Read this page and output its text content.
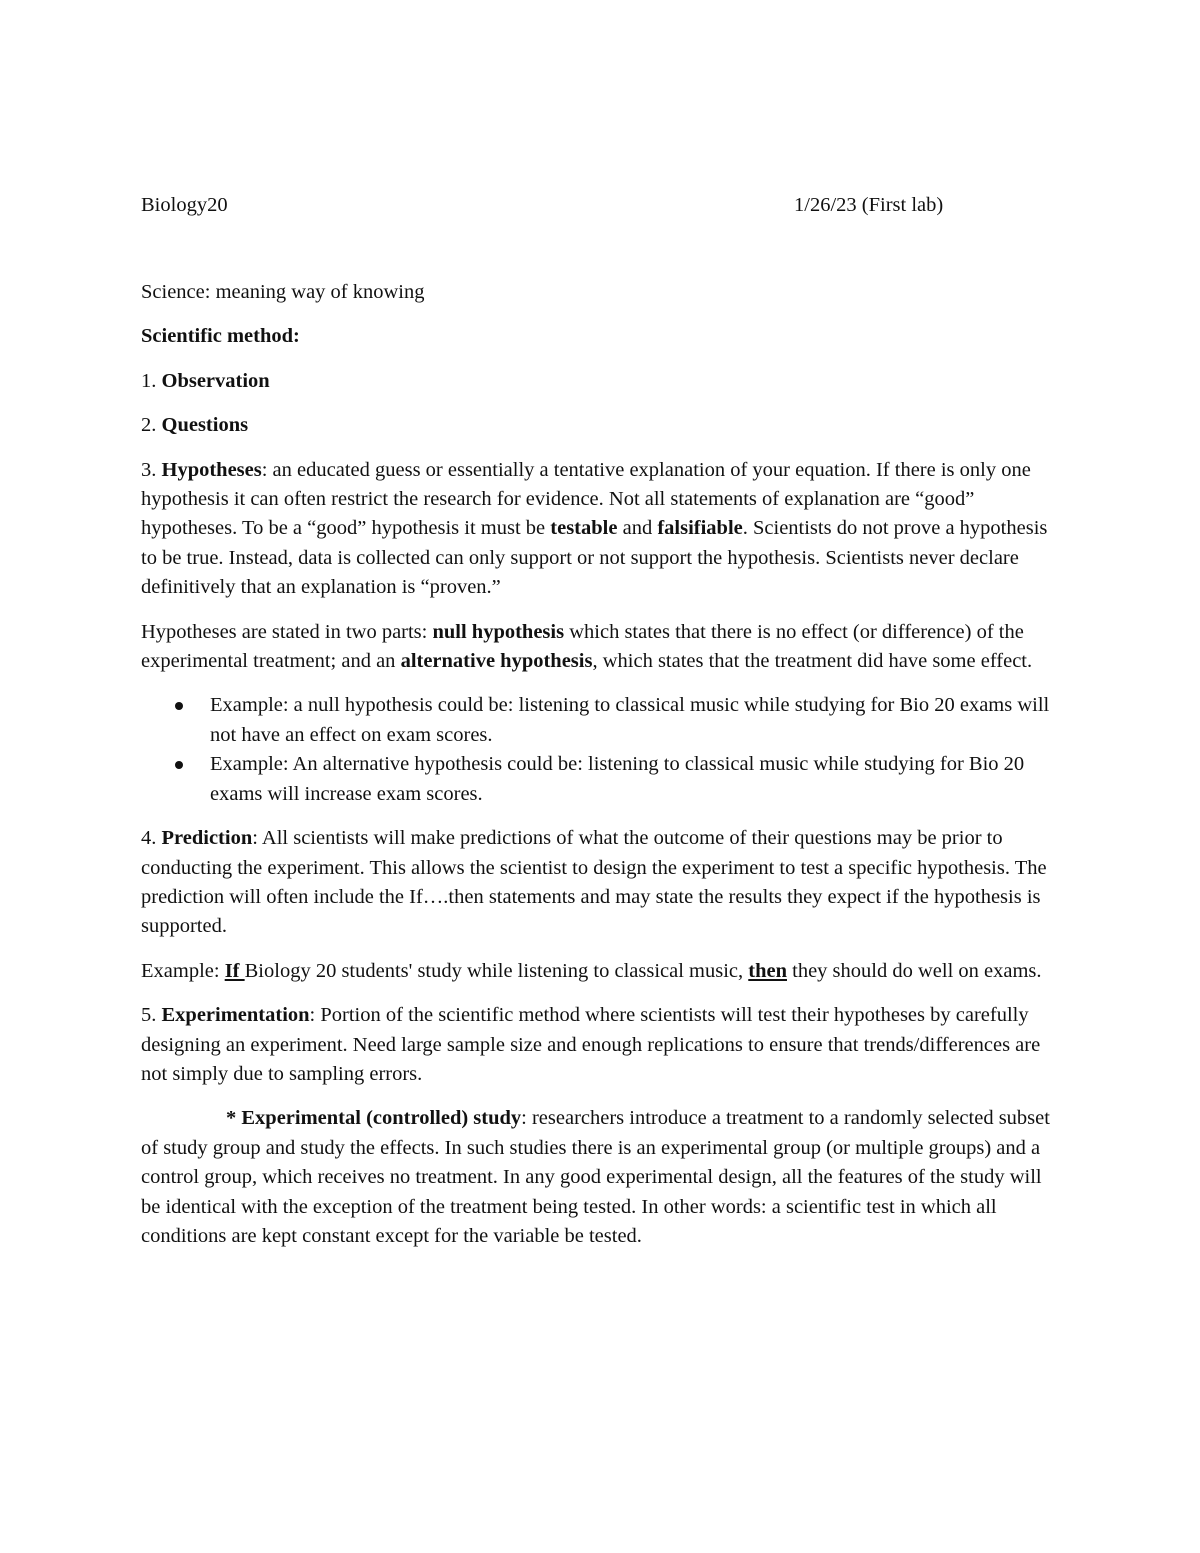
Biology20	1/26/23 (First lab)

Science: meaning way of knowing

Scientific method:

1. Observation

2. Questions

3. Hypotheses: an educated guess or essentially a tentative explanation of your equation. If there is only one hypothesis it can often restrict the research for evidence. Not all statements of explanation are “good” hypotheses. To be a “good” hypothesis it must be testable and falsifiable. Scientists do not prove a hypothesis to be true. Instead, data is collected can only support or not support the hypothesis. Scientists never declare definitively that an explanation is “proven.”

Hypotheses are stated in two parts: null hypothesis which states that there is no effect (or difference) of the experimental treatment; and an alternative hypothesis, which states that the treatment did have some effect.

Example: a null hypothesis could be: listening to classical music while studying for Bio 20 exams will not have an effect on exam scores.
Example: An alternative hypothesis could be: listening to classical music while studying for Bio 20 exams will increase exam scores.

4. Prediction: All scientists will make predictions of what the outcome of their questions may be prior to conducting the experiment. This allows the scientist to design the experiment to test a specific hypothesis. The prediction will often include the If….then statements and may state the results they expect if the hypothesis is supported.

Example: If Biology 20 students' study while listening to classical music, then they should do well on exams.

5. Experimentation: Portion of the scientific method where scientists will test their hypotheses by carefully designing an experiment. Need large sample size and enough replications to ensure that trends/differences are not simply due to sampling errors.

* Experimental (controlled) study: researchers introduce a treatment to a randomly selected subset of study group and study the effects. In such studies there is an experimental group (or multiple groups) and a control group, which receives no treatment. In any good experimental design, all the features of the study will be identical with the exception of the treatment being tested. In other words: a scientific test in which all conditions are kept constant except for the variable be tested.
